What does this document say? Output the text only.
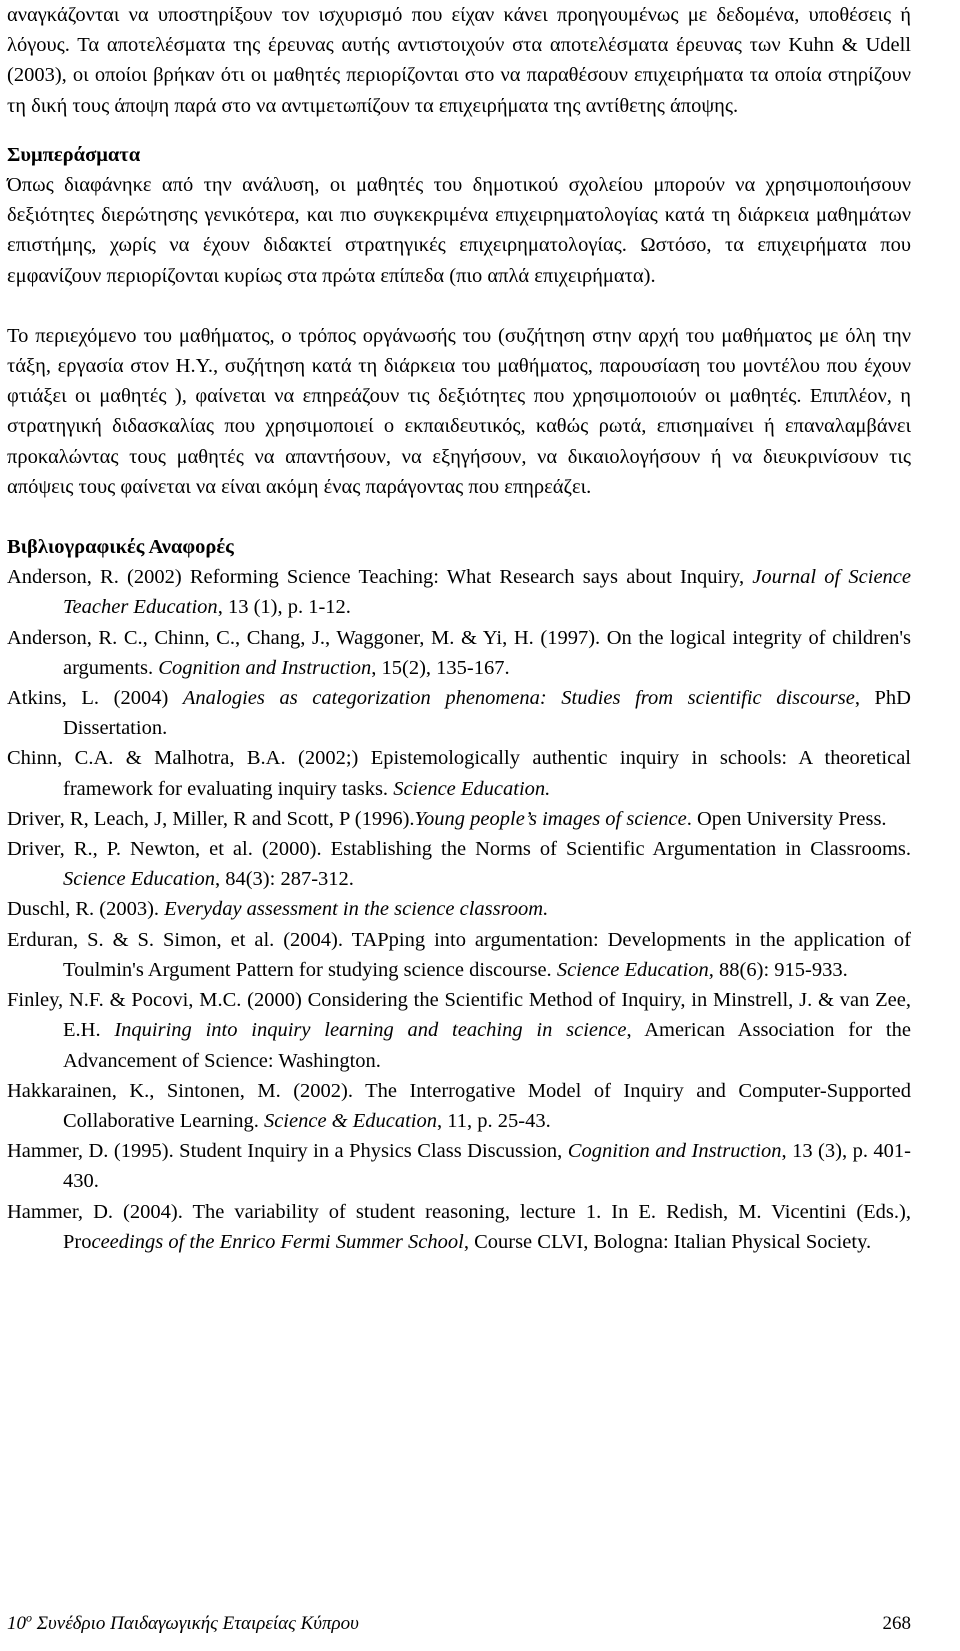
αναγκάζονται να υποστηρίξουν τον ισχυρισμό που είχαν κάνει προηγουμένως με δεδομένα, υποθέσεις ή λόγους. Τα αποτελέσματα της έρευνας αυτής αντιστοιχούν στα αποτελέσματα έρευνας των Kuhn & Udell (2003), οι οποίοι βρήκαν ότι οι μαθητές περιορίζονται στο να παραθέσουν επιχειρήματα τα οποία στηρίζουν τη δική τους άποψη παρά στο να αντιμετωπίζουν τα επιχειρήματα της αντίθετης άποψης.

Συμπεράσματα

Όπως διαφάνηκε από την ανάλυση, οι μαθητές του δημοτικού σχολείου μπορούν να χρησιμοποιήσουν δεξιότητες διερώτησης γενικότερα, και πιο συγκεκριμένα επιχειρηματολογίας κατά τη διάρκεια μαθημάτων επιστήμης, χωρίς να έχουν διδακτεί στρατηγικές επιχειρηματολογίας. Ωστόσο, τα επιχειρήματα που εμφανίζουν περιορίζονται κυρίως στα πρώτα επίπεδα (πιο απλά επιχειρήματα).

Το περιεχόμενο του μαθήματος, ο τρόπος οργάνωσής του (συζήτηση στην αρχή του μαθήματος με όλη την τάξη, εργασία στον Η.Υ., συζήτηση κατά τη διάρκεια του μαθήματος, παρουσίαση του μοντέλου που έχουν φτιάξει οι μαθητές ), φαίνεται να επηρεάζουν τις δεξιότητες που χρησιμοποιούν οι μαθητές. Επιπλέον, η στρατηγική διδασκαλίας που χρησιμοποιεί ο εκπαιδευτικός, καθώς ρωτά, επισημαίνει ή επαναλαμβάνει προκαλώντας τους μαθητές να απαντήσουν, να εξηγήσουν, να δικαιολογήσουν ή να διευκρινίσουν τις απόψεις τους φαίνεται να είναι ακόμη ένας παράγοντας που επηρεάζει.

Βιβλιογραφικές Αναφορές

Anderson, R. (2002) Reforming Science Teaching: What Research says about Inquiry, Journal of Science Teacher Education, 13 (1), p. 1-12.
Anderson, R. C., Chinn, C., Chang, J., Waggoner, M. & Yi, H. (1997). On the logical integrity of children's arguments. Cognition and Instruction, 15(2), 135-167.
Atkins, L. (2004) Analogies as categorization phenomena: Studies from scientific discourse, PhD Dissertation.
Chinn, C.A. & Malhotra, B.A. (2002;) Epistemologically authentic inquiry in schools: A theoretical framework for evaluating inquiry tasks. Science Education.
Driver, R, Leach, J, Miller, R and Scott, P (1996).Young people’s images of science. Open University Press.
Driver, R., P. Newton, et al. (2000). Establishing the Norms of Scientific Argumentation in Classrooms. Science Education, 84(3): 287-312.
Duschl, R. (2003). Everyday assessment in the science classroom.
Erduran, S. & S. Simon, et al. (2004). TAPping into argumentation: Developments in the application of Toulmin's Argument Pattern for studying science discourse. Science Education, 88(6): 915-933.
Finley, N.F. & Pocovi, M.C. (2000) Considering the Scientific Method of Inquiry, in Minstrell, J. & van Zee, E.H. Inquiring into inquiry learning and teaching in science, American Association for the Advancement of Science: Washington.
Hakkarainen, K., Sintonen, M. (2002). The Interrogative Model of Inquiry and Computer-Supported Collaborative Learning. Science & Education, 11, p. 25-43.
Hammer, D. (1995). Student Inquiry in a Physics Class Discussion, Cognition and Instruction, 13 (3), p. 401-430.
Hammer, D. (2004). The variability of student reasoning, lecture 1. In E. Redish, M. Vicentini (Eds.), Proceedings of the Enrico Fermi Summer School, Course CLVI, Bologna: Italian Physical Society.
$10^o$ Συνέδριο Παιδαγωγικής Εταιρείας Κύπρου	268
